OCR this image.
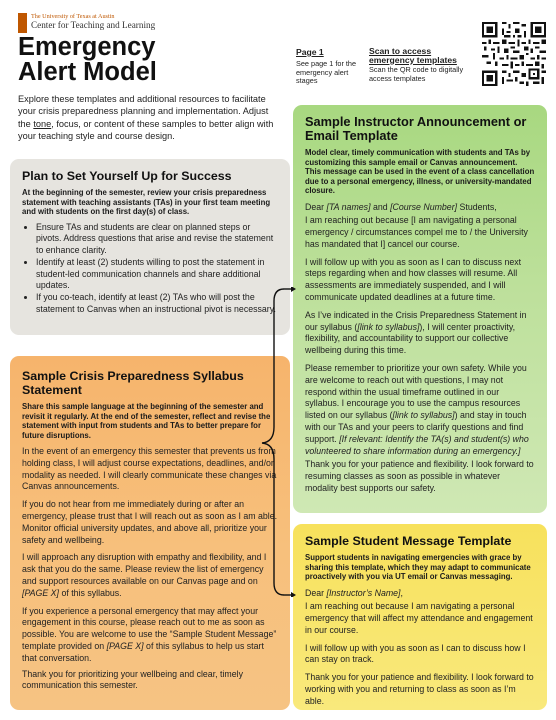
The University of Texas at Austin
Center for Teaching and Learning
Emergency
Alert Model
Explore these templates and additional resources to facilitate your crisis preparedness planning and implementation. Adjust the tone, focus, or content of these samples to better align with your teaching style and course design.
Page 1
See page 1 for the emergency alert stages
Scan to access emergency templates
Scan the QR code to digitally access templates
Plan to Set Yourself Up for Success
At the beginning of the semester, review your crisis preparedness statement with teaching assistants (TAs) in your first team meeting and with students on the first day(s) of class.
• Ensure TAs and students are clear on planned steps or pivots. Address questions that arise and revise the statement to enhance clarity.
• Identify at least (2) students willing to post the statement in student-led communication channels and share additional updates.
• If you co-teach, identify at least (2) TAs who will post the statement to Canvas when an instructional pivot is necessary.
Sample Crisis Preparedness Syllabus Statement
Share this sample language at the beginning of the semester and revisit it regularly. At the end of the semester, reflect and revise the statement with input from students and TAs to better prepare for future disruptions.

In the event of an emergency this semester that prevents us from holding class, I will adjust course expectations, deadlines, and/or modality as needed. I will clearly communicate these changes via Canvas announcements.

If you do not hear from me immediately during or after an emergency, please trust that I will reach out as soon as I am able. Monitor official university updates, and above all, prioritize your safety and wellbeing.

I will approach any disruption with empathy and flexibility, and I ask that you do the same. Please review the list of emergency and support resources available on our Canvas page and on [PAGE X] of this syllabus.

If you experience a personal emergency that may affect your engagement in this course, please reach out to me as soon as possible. You are welcome to use the “Sample Student Message” template provided on [PAGE X] of this syllabus to help us start that conversation.

Thank you for prioritizing your wellbeing and clear, timely communication this semester.

Sample Instructor Announcement or Email Template
Model clear, timely communication with students and TAs by customizing this sample email or Canvas announcement. This message can be used in the event of a class cancellation due to a personal emergency, illness, or university-mandated closure.

Dear [TA names] and [Course Number] Students,

I am reaching out because [I am navigating a personal emergency / circumstances compel me to / the University has mandated that I] cancel our course.

I will follow up with you as soon as I can to discuss next steps regarding when and how classes will resume. All assessments are immediately suspended, and I will communicate updated deadlines at a future time.

As I’ve indicated in the Crisis Preparedness Statement in our syllabus ([link to syllabus]), I will center proactivity, flexibility, and accountability to support our collective wellbeing during this time.

Please remember to prioritize your own safety. While you are welcome to reach out with questions, I may not respond within the usual timeframe outlined in our syllabus. I encourage you to use the campus resources listed on our syllabus ([link to syllabus]) and stay in touch with our TAs and your peers to clarify questions and find support. [If relevant: Identify the TA(s) and student(s) who volunteered to share information during an emergency.]

Thank you for your patience and flexibility. I look forward to resuming classes as soon as possible in whatever modality best supports our safety.

Sample Student Message Template
Support students in navigating emergencies with grace by sharing this template, which they may adapt to communicate proactively with you via UT email or Canvas messaging.

Dear [Instructor’s Name],

I am reaching out because I am navigating a personal emergency that will affect my attendance and engagement in our course.

I will follow up with you as soon as I can to discuss how I can stay on track.

Thank you for your patience and flexibility. I look forward to working with you and returning to class as soon as I’m able.
